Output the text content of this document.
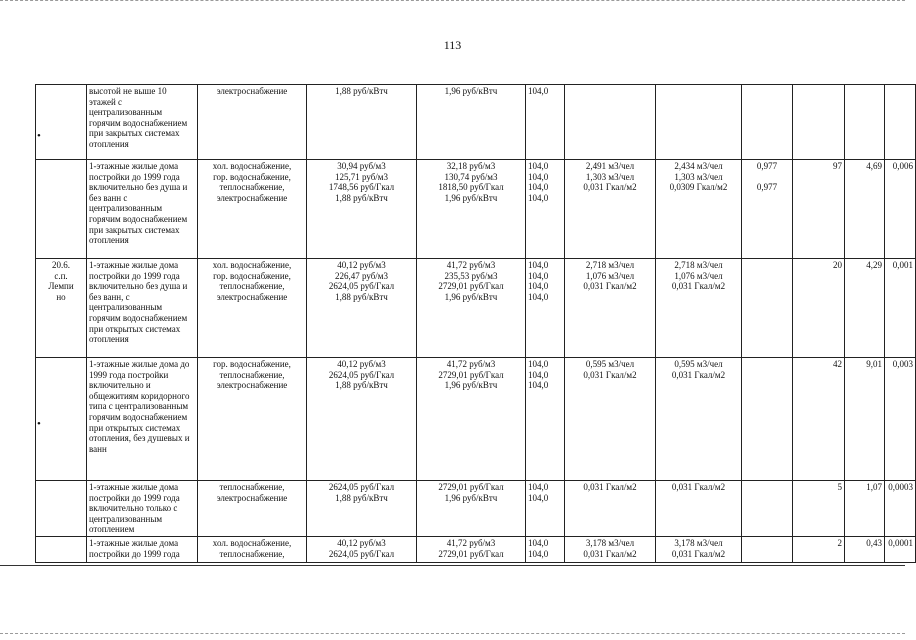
113
	высотой не выше 10 этажей с централизованным горячим водоснабжением при закрытых системах отопления	электроснабжение	1,88 руб/кВтч	1,96 руб/кВтч	104,0						

	1-этажные жилые дома постройки до 1999 года включительно без душа и без ванн с централизованным горячим водоснабжением при закрытых системах отопления	хол. водоснабжение,
гор. водоснабжение,
теплоснабжение,
электроснабжение	30,94 руб/м3
125,71 руб/м3
1748,56 руб/Гкал
1,88 руб/кВтч	32,18 руб/м3
130,74 руб/м3
1818,50 руб/Гкал
1,96 руб/кВтч	104,0
104,0
104,0
104,0	2,491 м3/чел
1,303 м3/чел
0,031 Гкал/м2	2,434 м3/чел
1,303 м3/чел
0,0309 Гкал/м2	0,977

0,977	97	4,69	0,006

20.6.
с.п.
Лемпи
но	1-этажные жилые дома постройки до 1999 года включительно без душа и без ванн, с централизованным горячим водоснабжением при открытых системах отопления	хол. водоснабжение,
гор. водоснабжение,
теплоснабжение,
электроснабжение	40,12 руб/м3
226,47 руб/м3
2624,05 руб/Гкал
1,88 руб/кВтч	41,72 руб/м3
235,53 руб/м3
2729,01 руб/Гкал
1,96 руб/кВтч	104,0
104,0
104,0
104,0	2,718 м3/чел
1,076 м3/чел
0,031 Гкал/м2	2,718 м3/чел
1,076 м3/чел
0,031 Гкал/м2		20	4,29	0,001
	1-этажные жилые дома до 1999 года постройки включительно и общежитиям коридорного типа с централизованным горячим водоснабжением при открытых системах отопления, без душевых и ванн	гор. водоснабжение,
теплоснабжение,
электроснабжение	40,12 руб/м3
2624,05 руб/Гкал
1,88 руб/кВтч	41,72 руб/м3
2729,01 руб/Гкал
1,96 руб/кВтч	104,0
104,0
104,0	0,595 м3/чел
0,031 Гкал/м2	0,595 м3/чел
0,031 Гкал/м2		42	9,01	0,003
	1-этажные жилые дома постройки до 1999 года включительно только с централизованным отоплением	теплоснабжение,
электроснабжение	2624,05 руб/Гкал
1,88 руб/кВтч	2729,01 руб/Гкал
1,96 руб/кВтч	104,0
104,0	0,031 Гкал/м2	0,031 Гкал/м2		5	1,07	0,0003
	1-этажные жилые дома постройки до 1999 года	хол. водоснабжение,
теплоснабжение,	40,12 руб/м3
2624,05 руб/Гкал	41,72 руб/м3
2729,01 руб/Гкал	104,0
104,0	3,178 м3/чел
0,031 Гкал/м2	3,178 м3/чел
0,031 Гкал/м2		2	0,43	0,0001
•
•
